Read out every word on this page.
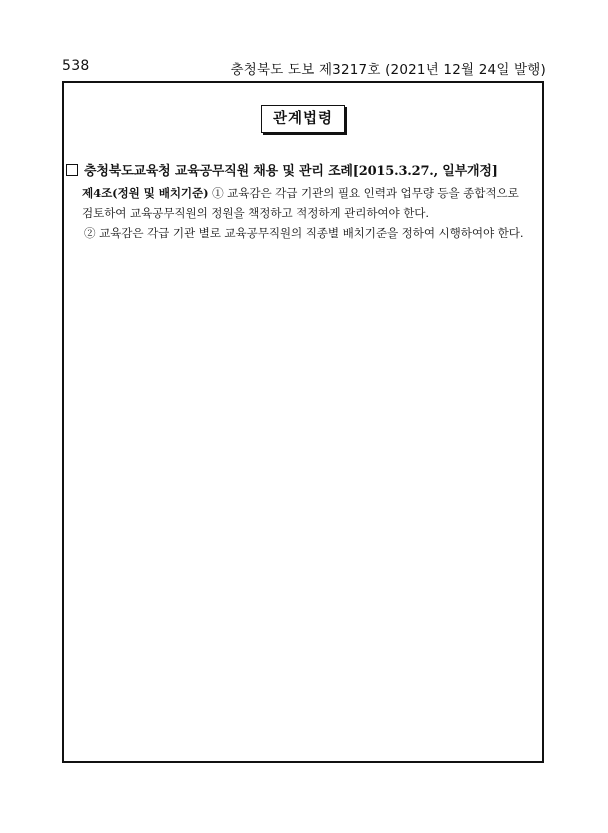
538	충청북도 도보 제3217호 (2021년 12월 24일 발행)
관계법령
충청북도교육청 교육공무직원 채용 및 관리 조례[2015.3.27., 일부개정]
제4조(정원 및 배치기준) ① 교육감은 각급 기관의 필요 인력과 업무량 등을 종합적으로
검토하여 교육공무직원의 정원을 책정하고 적정하게 관리하여야 한다.
② 교육감은 각급 기관 별로 교육공무직원의 직종별 배치기준을 정하여 시행하여야 한다.
